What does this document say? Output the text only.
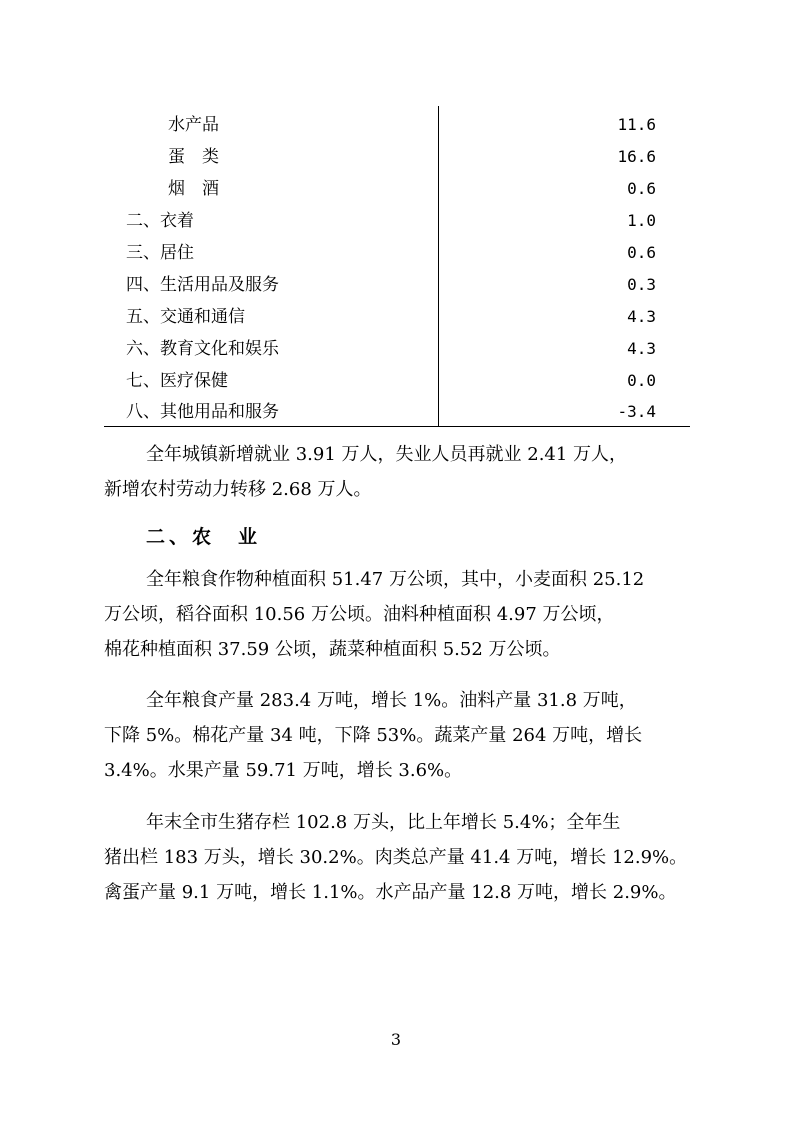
水产品	11.6
蛋　类	16.6
烟　酒	0.6
二、衣着	1.0
三、居住	0.6
四、生活用品及服务	0.3
五、交通和通信	4.3
六、教育文化和娱乐	4.3
七、医疗保健	0.0
八、其他用品和服务	-3.4

全年城镇新增就业 3.91 万人，失业人员再就业 2.41 万人，
新增农村劳动力转移 2.68 万人。

二、农　业

全年粮食作物种植面积 51.47 万公顷，其中，小麦面积 25.12
万公顷，稻谷面积 10.56 万公顷。油料种植面积 4.97 万公顷，
棉花种植面积 37.59 公顷，蔬菜种植面积 5.52 万公顷。

全年粮食产量 283.4 万吨，增长 1%。油料产量 31.8 万吨，
下降 5%。棉花产量 34 吨，下降 53%。蔬菜产量 264 万吨，增长
3.4%。水果产量 59.71 万吨，增长 3.6%。

年末全市生猪存栏 102.8 万头，比上年增长 5.4%；全年生
猪出栏 183 万头，增长 30.2%。肉类总产量 41.4 万吨，增长 12.9%。
禽蛋产量 9.1 万吨，增长 1.1%。水产品产量 12.8 万吨，增长 2.9%。

3
